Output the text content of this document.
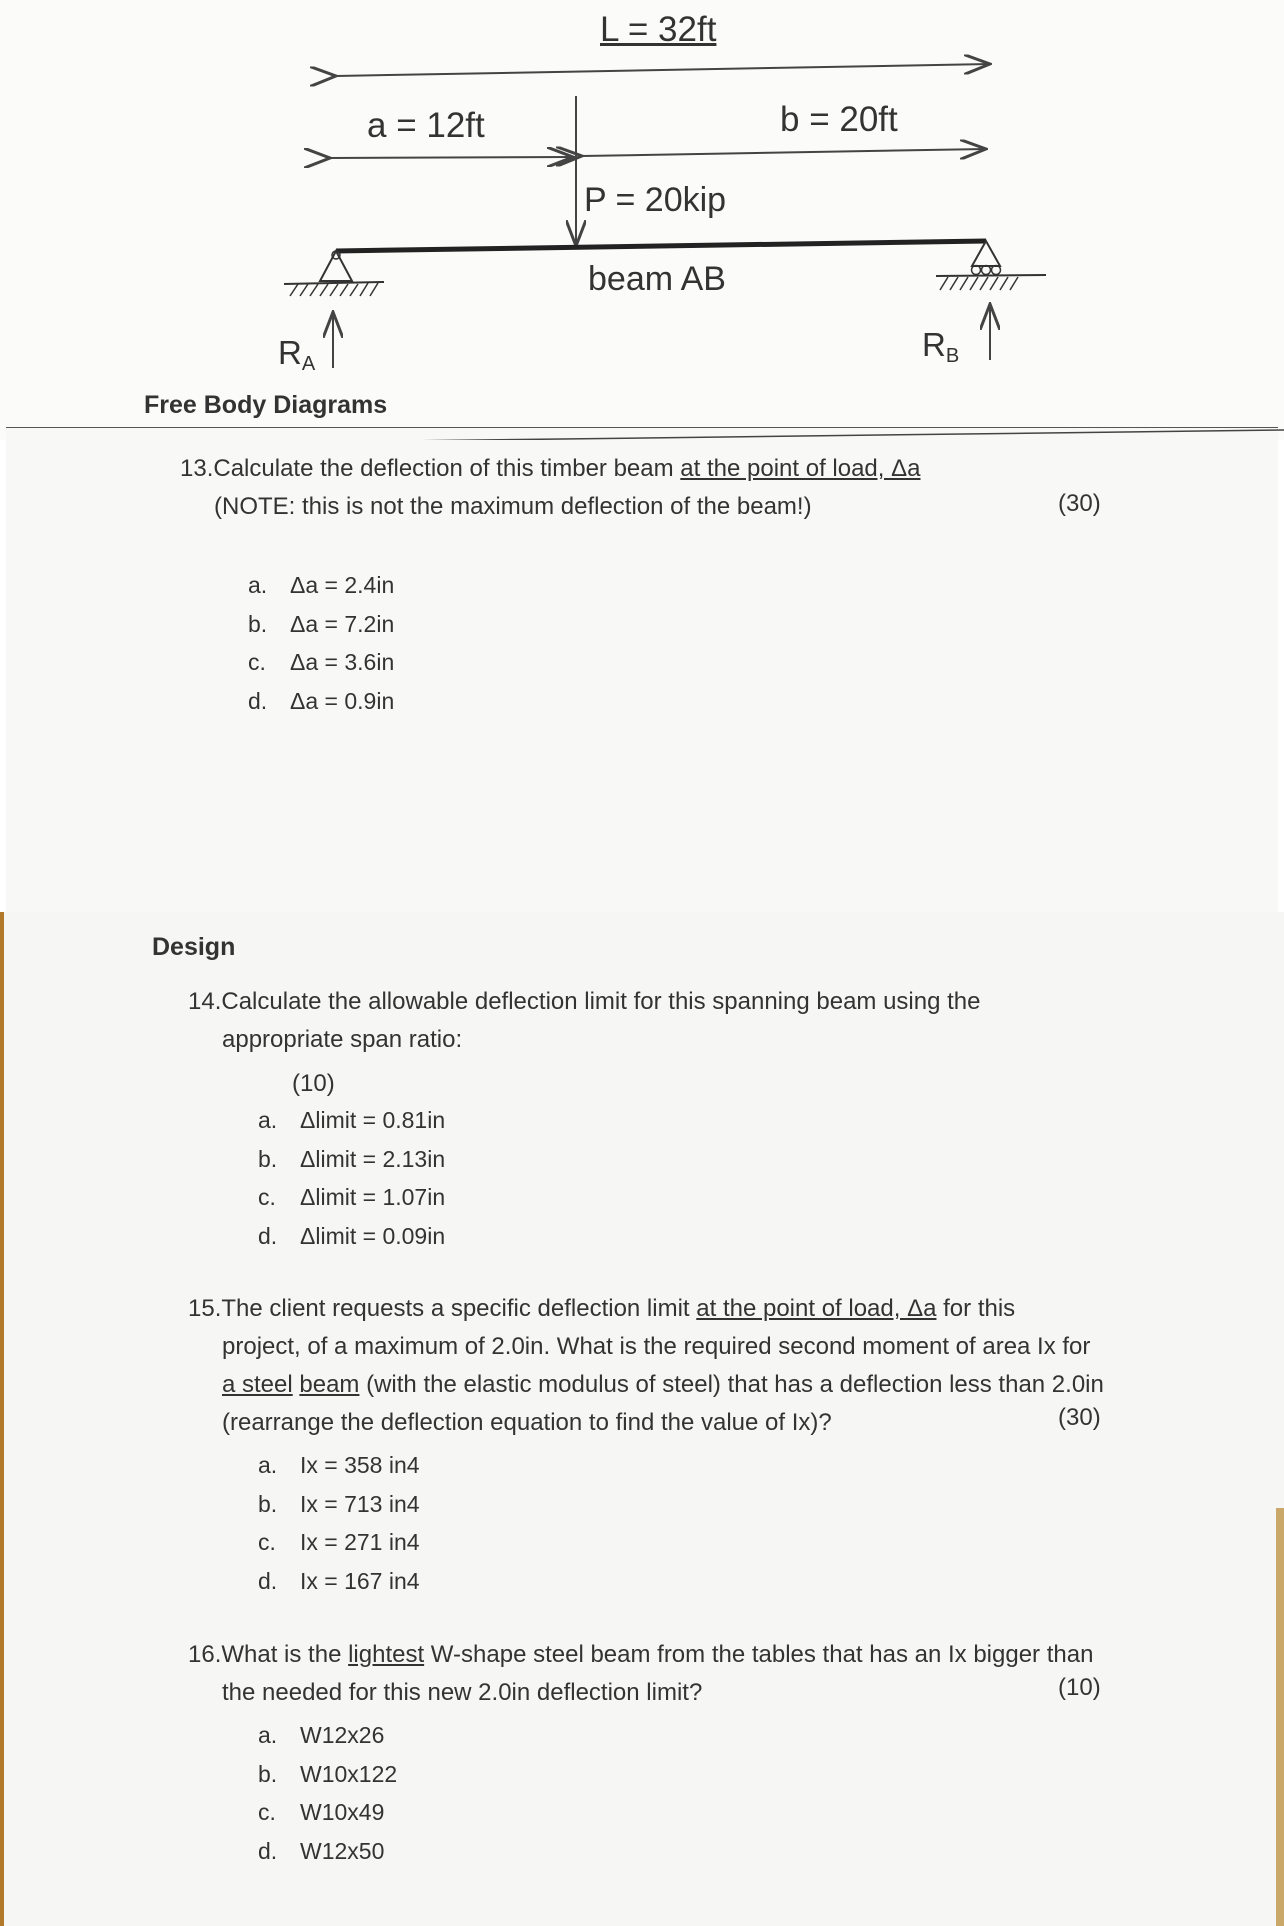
L = 32ft
a = 12ft	b = 20ft
P = 20kip
beam AB
$R_A$
$R_B$
Free Body Diagrams
13.Calculate the deflection of this timber beam at the point of load, Δa
(NOTE: this is not the maximum deflection of the beam!)	(30)
a. Δa = 2.4in
b. Δa = 7.2in
c.	Δa = 3.6in
d. Δa = 0.9in
Design
14.Calculate the allowable deflection limit for this spanning beam using the
appropriate span ratio:
(10)
a. Δlimit = 0.81in
b. Δlimit = 2.13in
c.	Δlimit = 1.07in
d. Δlimit = 0.09in
15.The client requests a specific deflection limit at the point of load, Δa for this
project, of a maximum of 2.0in. What is the required second moment of area Ix for
a steel beam (with the elastic modulus of steel) that has a deflection less than 2.0in
(rearrange the deflection equation to find the value of Ix)?	(30)
a. Ix = 358 in4
b. Ix = 713 in4
c.	Ix = 271 in4
d. Ix = 167 in4
16.What is the lightest W-shape steel beam from the tables that has an Ix bigger than
the needed for this new 2.0in deflection limit?	(10)
a. W12x26
b. W10x122
c.	W10x49
d. W12x50
